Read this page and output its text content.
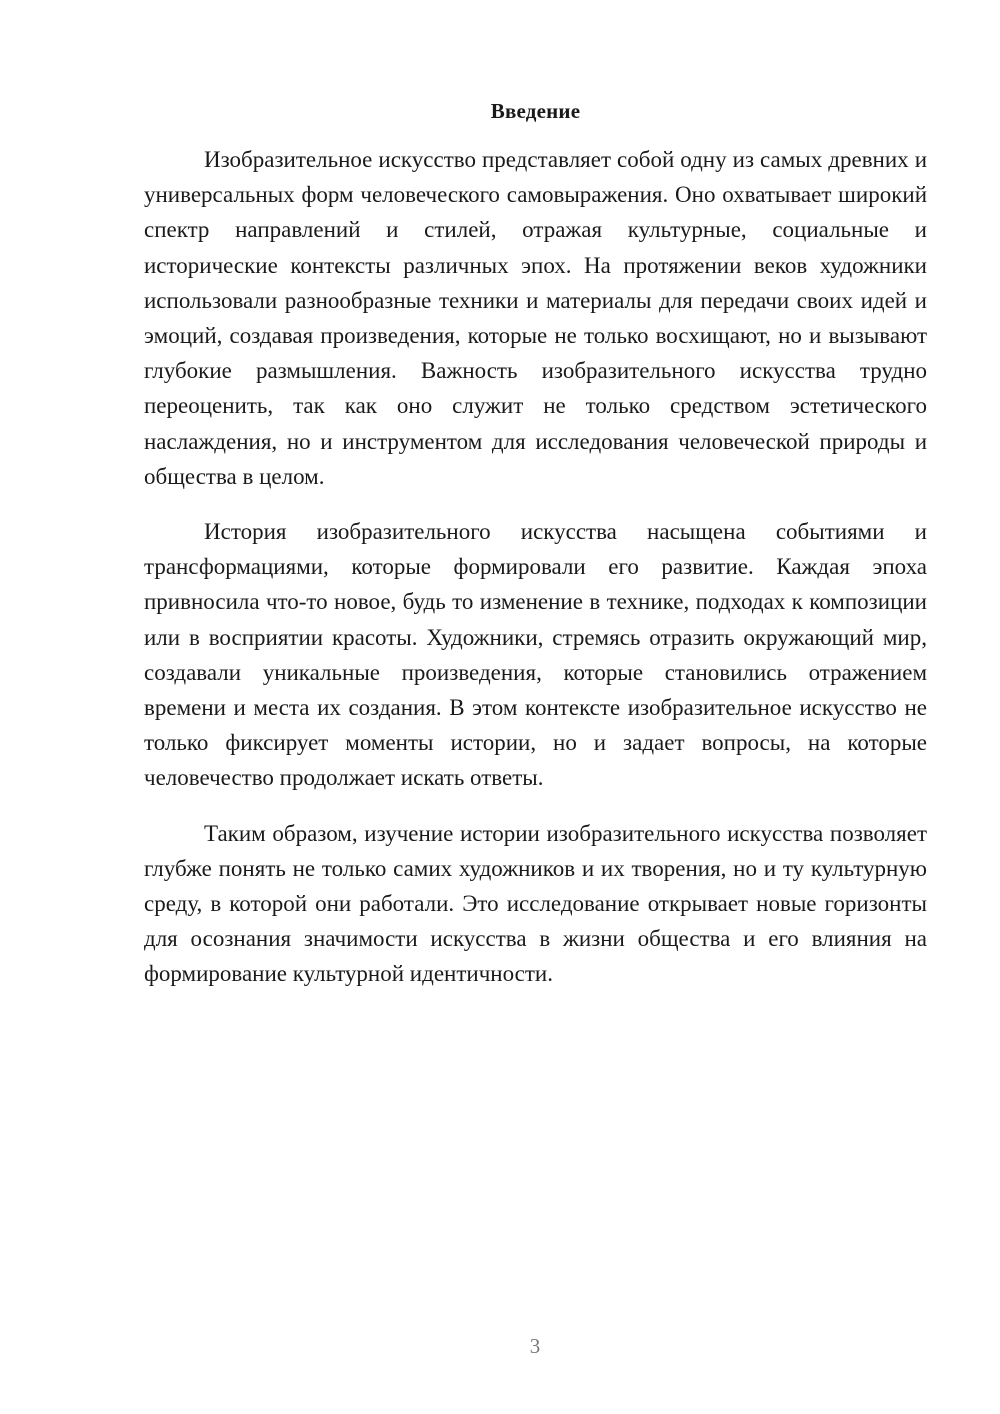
Введение

Изобразительное искусство представляет собой одну из самых древних и универсальных форм человеческого самовыражения. Оно охватывает широкий спектр направлений и стилей, отражая культурные, социальные и исторические контексты различных эпох. На протяжении веков художники использовали разнообразные техники и материалы для передачи своих идей и эмоций, создавая произведения, которые не только восхищают, но и вызывают глубокие размышления. Важность изобразительного искусства трудно переоценить, так как оно служит не только средством эстетического наслаждения, но и инструментом для исследования человеческой природы и общества в целом.

История изобразительного искусства насыщена событиями и трансформациями, которые формировали его развитие. Каждая эпоха привносила что-то новое, будь то изменение в технике, подходах к композиции или в восприятии красоты. Художники, стремясь отразить окружающий мир, создавали уникальные произведения, которые становились отражением времени и места их создания. В этом контексте изобразительное искусство не только фиксирует моменты истории, но и задает вопросы, на которые человечество продолжает искать ответы.

Таким образом, изучение истории изобразительного искусства позволяет глубже понять не только самих художников и их творения, но и ту культурную среду, в которой они работали. Это исследование открывает новые горизонты для осознания значимости искусства в жизни общества и его влияния на формирование культурной идентичности.

3
